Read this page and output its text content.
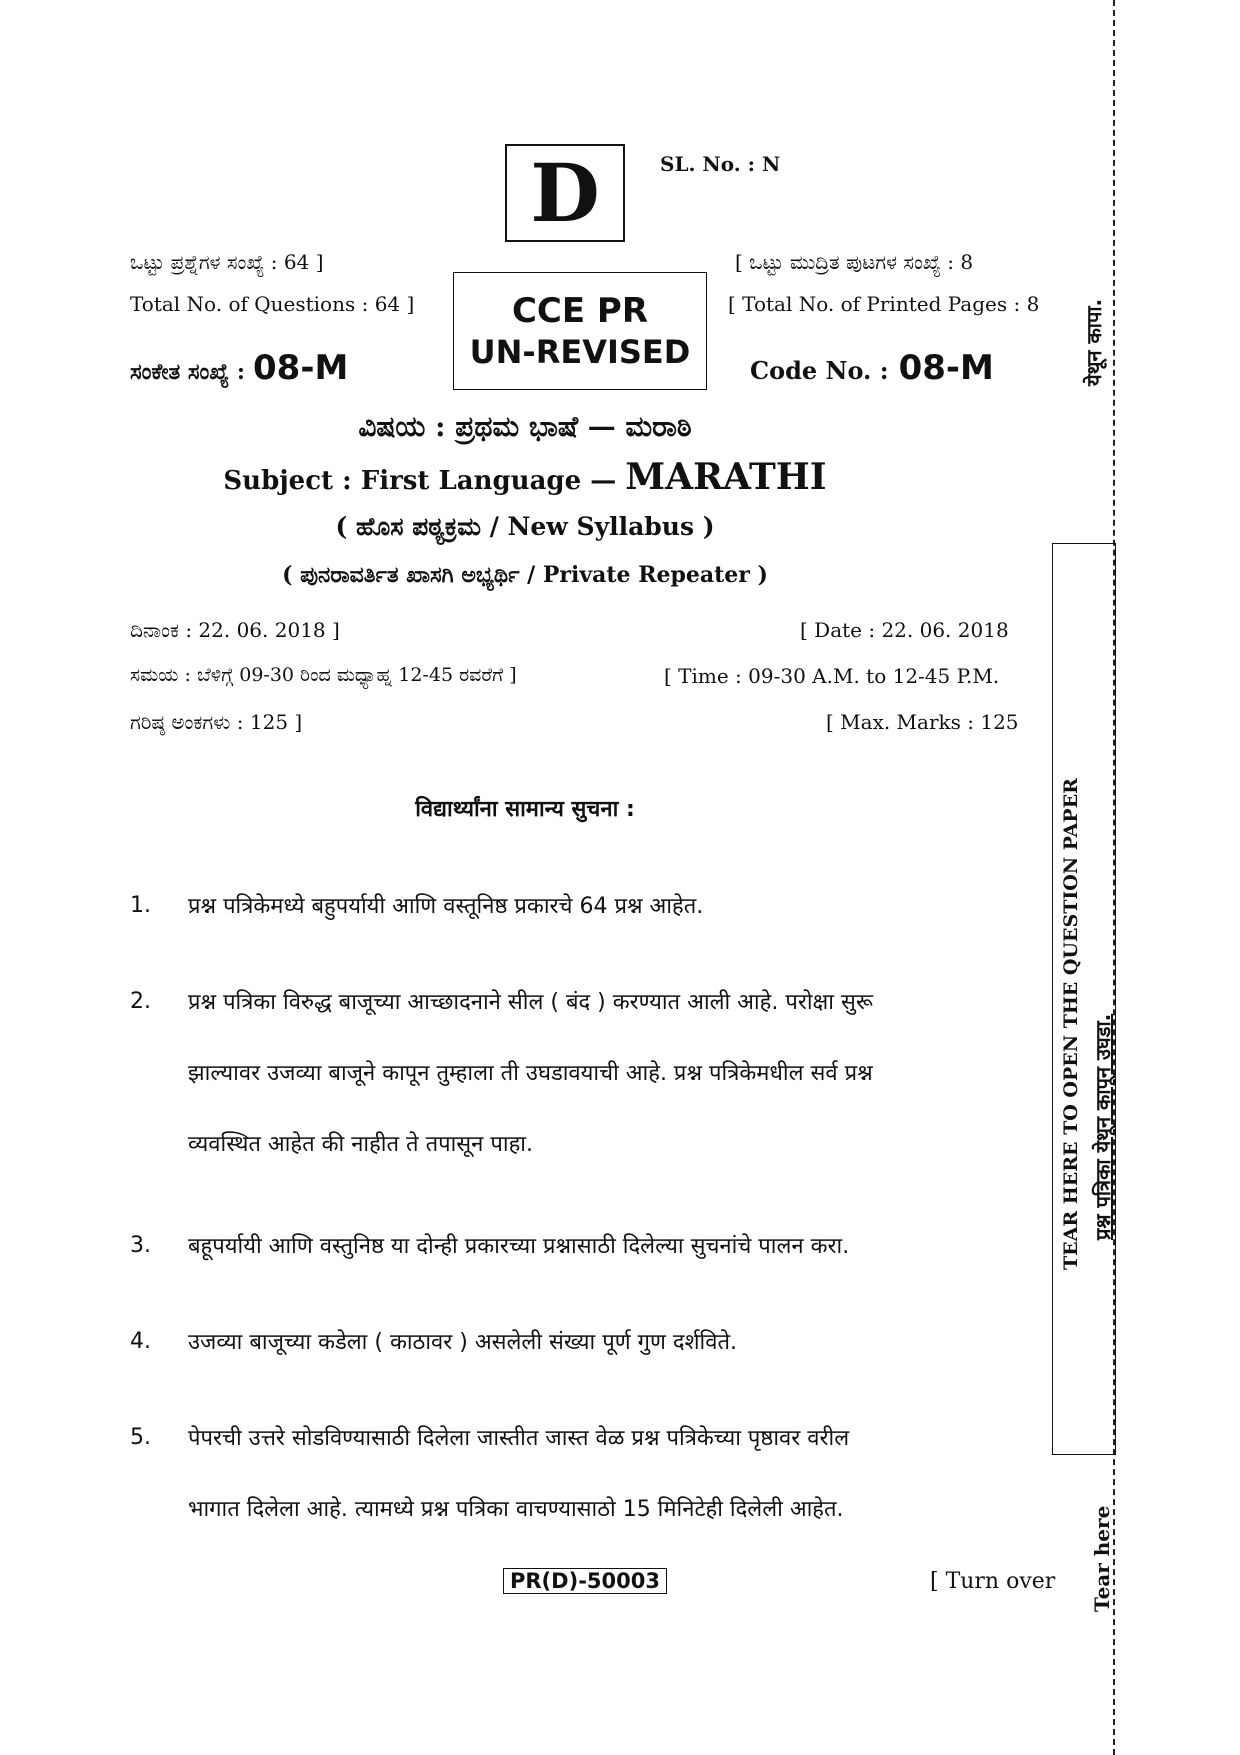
D	SL. No. : N
ಒಟ್ಟು ಪ್ರಶ್ನೆಗಳ ಸಂಖ್ಯೆ : 64 ]
Total No. of Questions : 64 ]
[ ಒಟ್ಟು ಮುದ್ರಿತ ಪುಟಗಳ ಸಂಖ್ಯೆ : 8
[ Total No. of Printed Pages : 8
CCE PR
UN-REVISED
ಸಂಕೇತ ಸಂಖ್ಯೆ : 08-M	Code No. : 08-M
ವಿಷಯ : ಪ್ರಥಮ ಭಾಷೆ — ಮರಾಠಿ
Subject : First Language — MARATHI
( ಹೊಸ ಪಠ್ಯಕ್ರಮ / New Syllabus )
( ಪುನರಾವರ್ತಿತ ಖಾಸಗಿ ಅಭ್ಯರ್ಥಿ / Private Repeater )
ದಿನಾಂಕ : 22. 06. 2018 ]	[ Date : 22. 06. 2018
ಸಮಯ : ಬೆಳಿಗ್ಗೆ 09-30 ರಿಂದ ಮಧ್ಯಾಹ್ನ 12-45 ರವರೆಗೆ ]	[ Time : 09-30 A.M. to 12-45 P.M.
ಗರಿಷ್ಠ ಅಂಕಗಳು : 125 ]	[ Max. Marks : 125
विद्यार्थ्यांना सामान्य सुचना :
1. प्रश्न पत्रिकेमध्ये बहुपर्यायी आणि वस्तूनिष्ठ प्रकारचे 64 प्रश्न आहेत.
2. प्रश्न पत्रिका विरुद्ध बाजूच्या आच्छादनाने सील ( बंद ) करण्यात आली आहे. परोक्षा सुरू
झाल्यावर उजव्या बाजूने कापून तुम्हाला ती उघडावयाची आहे. प्रश्न पत्रिकेमधील सर्व प्रश्न
व्यवस्थित आहेत की नाहीत ते तपासून पाहा.
3. बहूपर्यायी आणि वस्तुनिष्ठ या दोन्ही प्रकारच्या प्रश्नासाठी दिलेल्या सुचनांचे पालन करा.
4. उजव्या बाजूच्या कडेला ( काठावर ) असलेली संख्या पूर्ण गुण दर्शविते.
5. पेपरची उत्तरे सोडविण्यासाठी दिलेला जास्तीत जास्त वेळ प्रश्न पत्रिकेच्या पृष्ठावर वरील
भागात दिलेला आहे. त्यामध्ये प्रश्न पत्रिका वाचण्यासाठो 15 मिनिटेही दिलेली आहेत.
PR(D)-50003	[ Turn over
येथून कापा.
TEAR HERE TO OPEN THE QUESTION PAPER प्रश्न पत्रिका येथून कापून उघडा.
Tear here
